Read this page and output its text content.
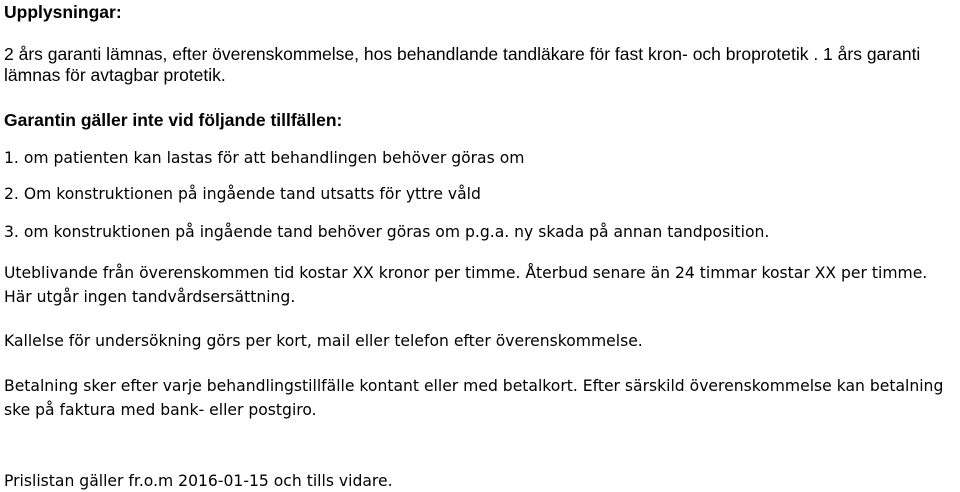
Upplysningar:

2 års garanti lämnas, efter överenskommelse, hos behandlande tandläkare för fast kron- och broprotetik . 1 års garanti

lämnas för avtagbar protetik.

Garantin gäller inte vid följande tillfällen:

1. om patienten kan lastas för att behandlingen behöver göras om

2. Om konstruktionen på ingående tand utsatts för yttre våld

3. om konstruktionen på ingående tand behöver göras om p.g.a. ny skada på annan tandposition.

Uteblivande från överenskommen tid kostar XX kronor per timme. Återbud senare än 24 timmar kostar XX per timme.

Här utgår ingen tandvårdsersättning.

Kallelse för undersökning görs per kort, mail eller telefon efter överenskommelse.

Betalning sker efter varje behandlingstillfälle kontant eller med betalkort. Efter särskild överenskommelse kan betalning

ske på faktura med bank- eller postgiro.

Prislistan gäller fr.o.m 2016-01-15 och tills vidare.
